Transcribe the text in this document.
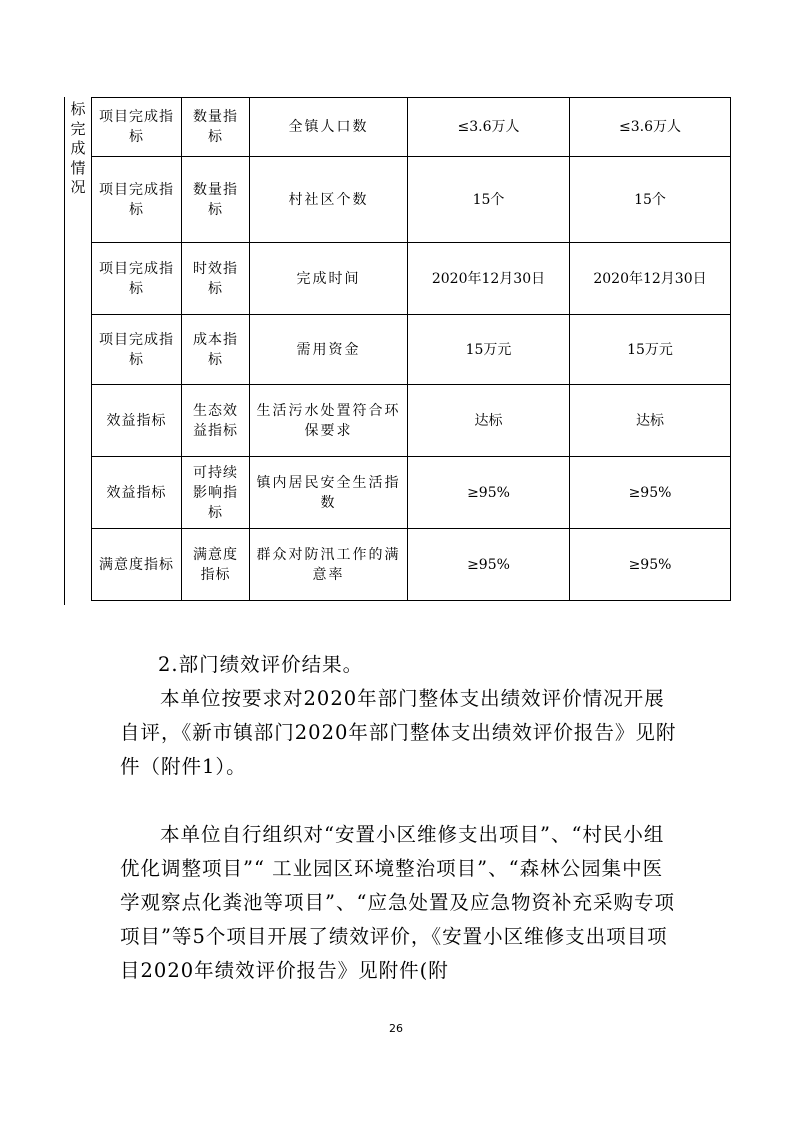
标
完
成
情
况
项目完成指标	数量指标	全镇人口数	≤3.6万人	≤3.6万人
项目完成指标	数量指标	村社区个数	15个	15个
项目完成指标	时效指标	完成时间	2020年12月30日	2020年12月30日
项目完成指标	成本指标	需用资金	15万元	15万元
效益指标	生态效益指标	生活污水处置符合环保要求	达标	达标
效益指标	可持续影响指标	镇内居民安全生活指数	≥95%	≥95%
满意度指标	满意度指标	群众对防汛工作的满意率	≥95%	≥95%
2.部门绩效评价结果。

本单位按要求对2020年部门整体支出绩效评价情况开展自评，《新市镇部门2020年部门整体支出绩效评价报告》见附件（附件1）。

本单位自行组织对“安置小区维修支出项目”、“村民小组优化调整项目”“ 工业园区环境整治项目”、“森林公园集中医学观察点化粪池等项目”、“应急处置及应急物资补充采购专项项目”等5个项目开展了绩效评价，《安置小区维修支出项目项目2020年绩效评价报告》见附件(附

26
